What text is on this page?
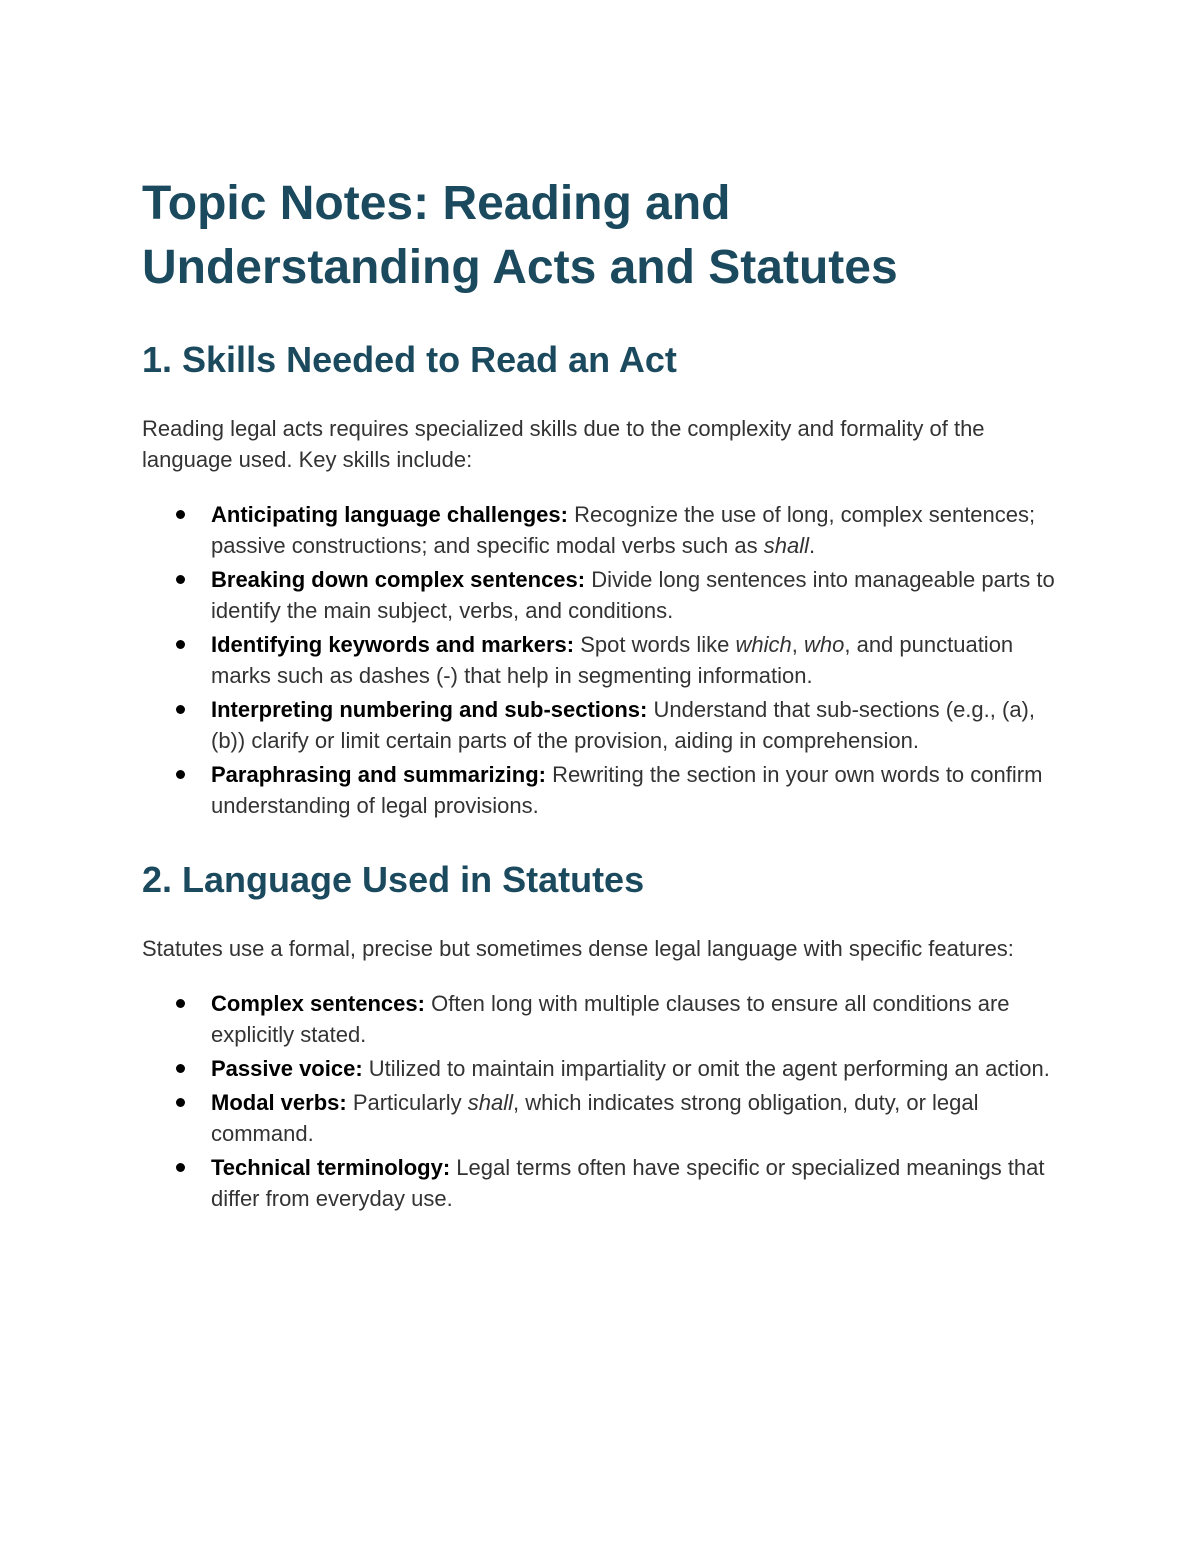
Topic Notes: Reading and Understanding Acts and Statutes
1. Skills Needed to Read an Act

Reading legal acts requires specialized skills due to the complexity and formality of the language used. Key skills include:

Anticipating language challenges: Recognize the use of long, complex sentences; passive constructions; and specific modal verbs such as shall.
Breaking down complex sentences: Divide long sentences into manageable parts to identify the main subject, verbs, and conditions.
Identifying keywords and markers: Spot words like which, who, and punctuation marks such as dashes (-) that help in segmenting information.
Interpreting numbering and sub-sections: Understand that sub-sections (e.g., (a), (b)) clarify or limit certain parts of the provision, aiding in comprehension.
Paraphrasing and summarizing: Rewriting the section in your own words to confirm understanding of legal provisions.
2. Language Used in Statutes

Statutes use a formal, precise but sometimes dense legal language with specific features:

Complex sentences: Often long with multiple clauses to ensure all conditions are explicitly stated.
Passive voice: Utilized to maintain impartiality or omit the agent performing an action.
Modal verbs: Particularly shall, which indicates strong obligation, duty, or legal command.
Technical terminology: Legal terms often have specific or specialized meanings that differ from everyday use.
